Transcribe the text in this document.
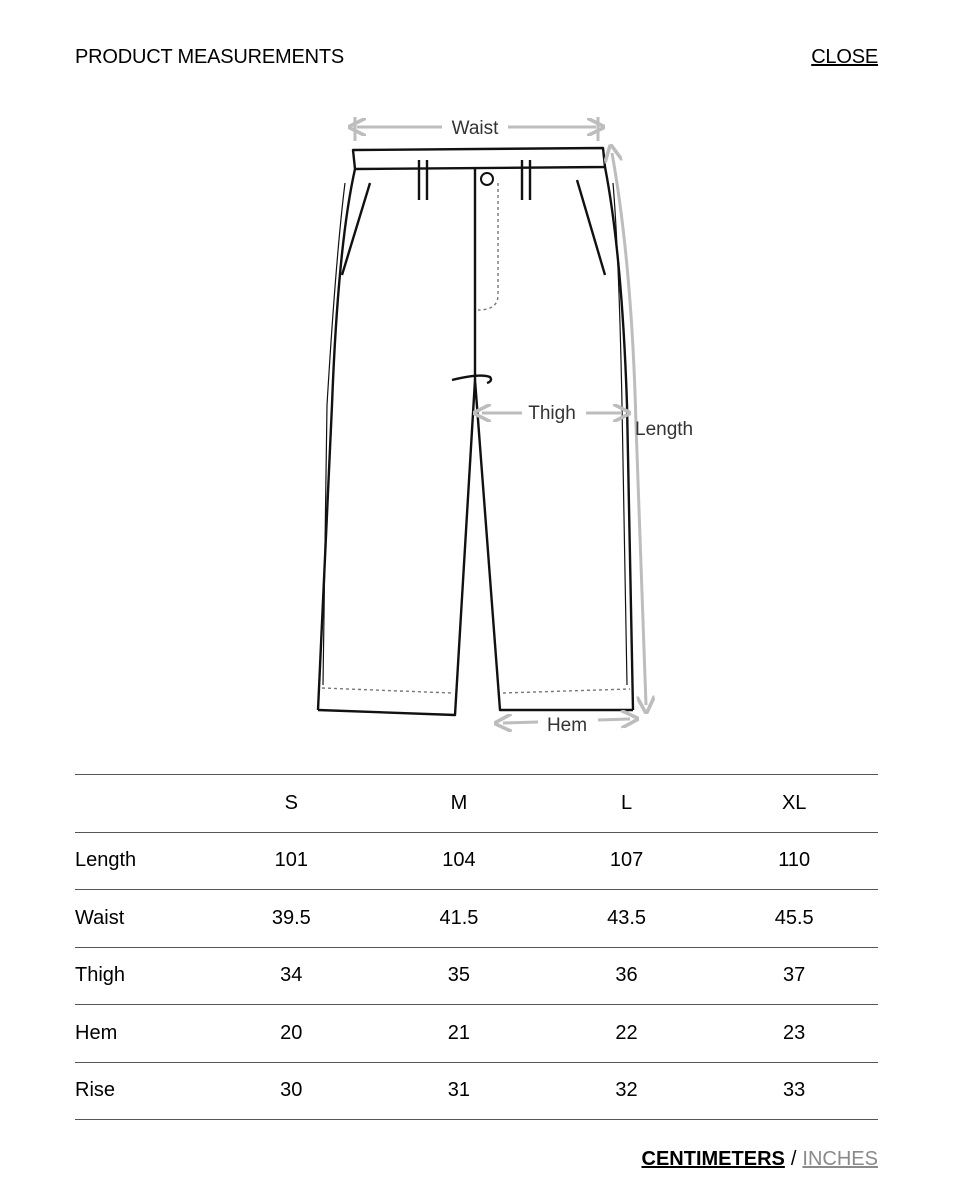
PRODUCT MEASUREMENTS	CLOSE
Waist
Thigh
Length
Hem
	S	M	L	XL
Length	101	104	107	110
Waist	39.5	41.5	43.5	45.5
Thigh	34	35	36	37
Hem	20	21	22	23
Rise	30	31	32	33
CENTIMETERS / INCHES
